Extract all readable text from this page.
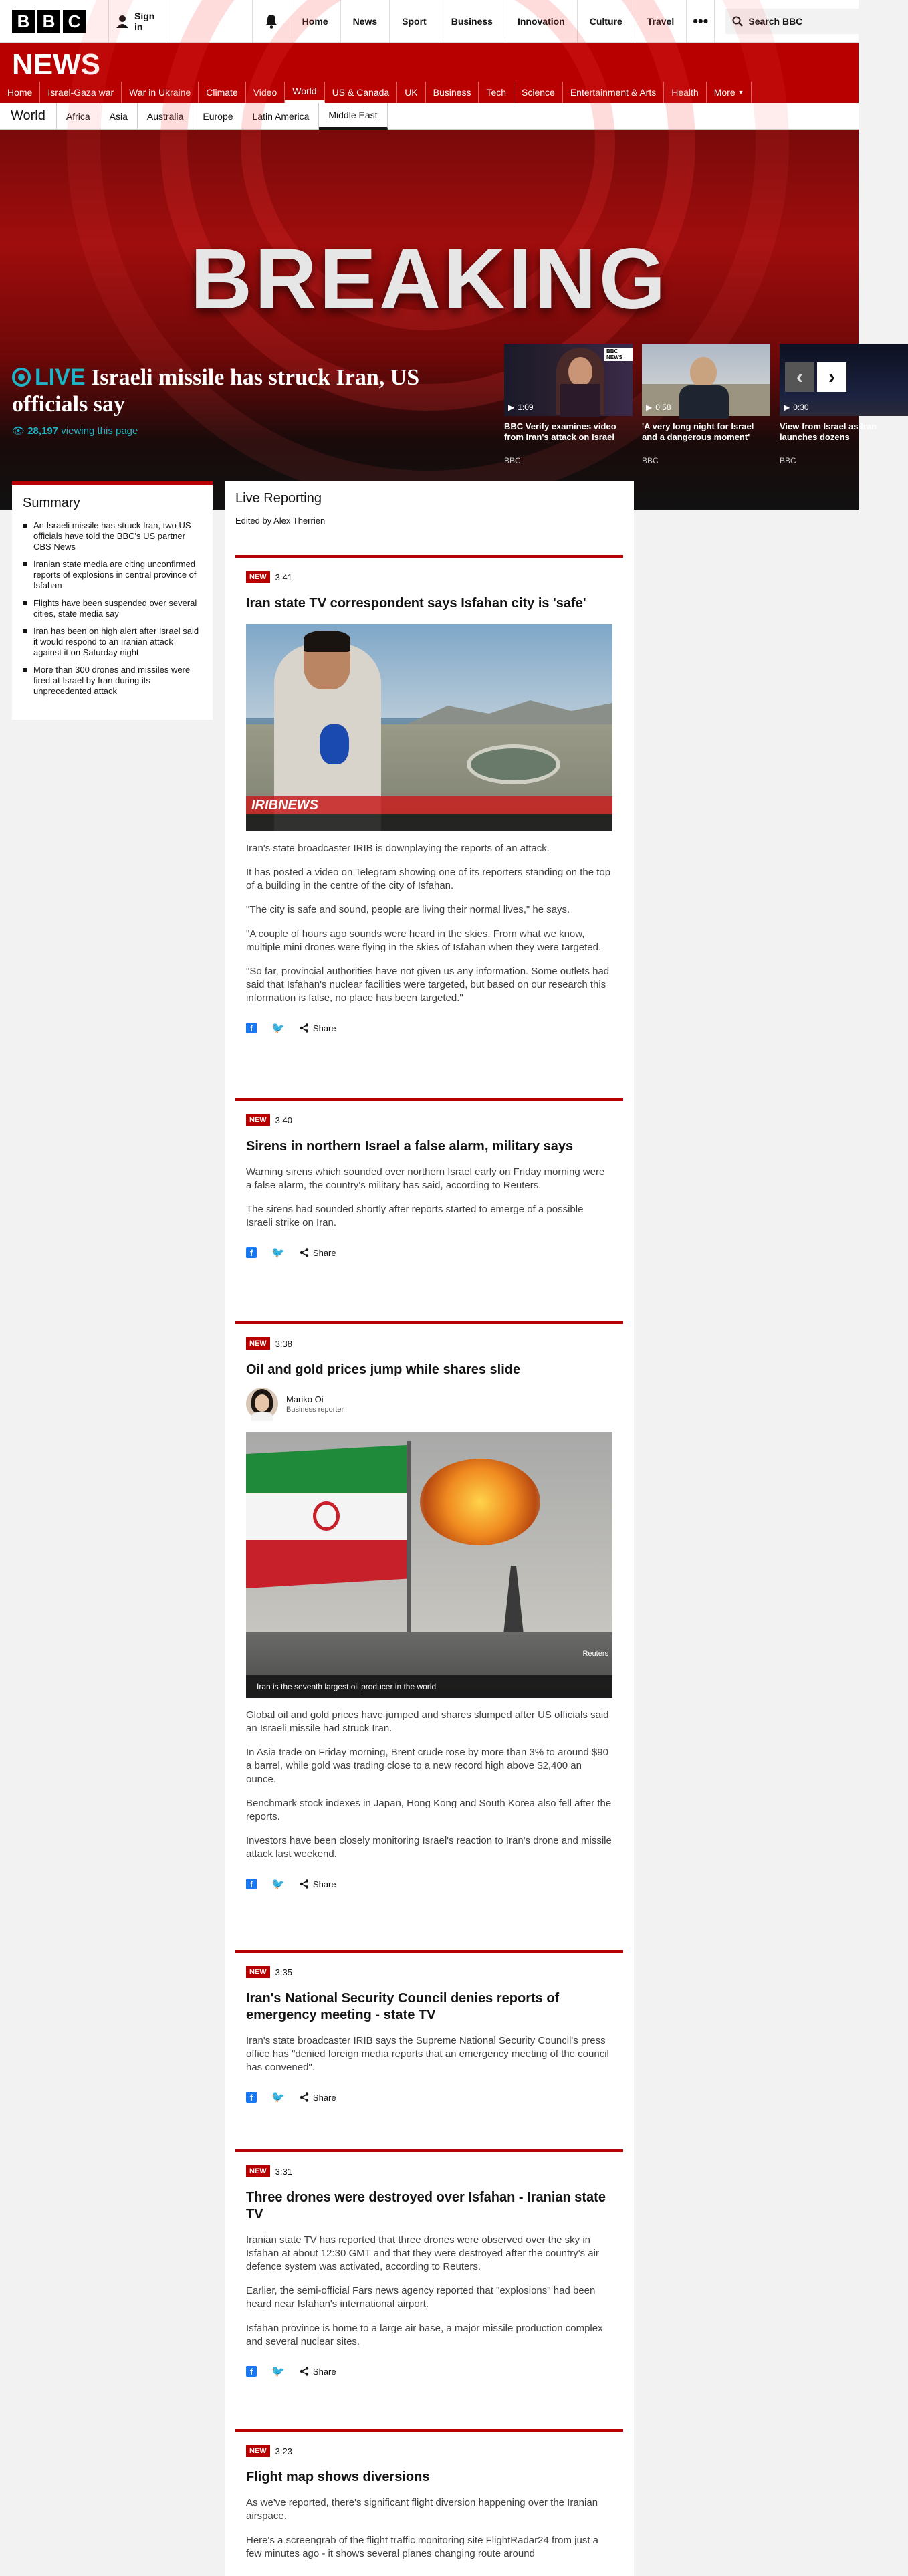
B B C	Sign in	Home	News	Sport	Business	Innovation	Culture	Travel	•••	Search BBC
NEWS
Home	Israel-Gaza war	War in Ukraine	Climate	Video	World	US & Canada	UK	Business	Tech	Science	Entertainment & Arts	Health	More
▼
World	Africa	Asia	Australia	Europe	Latin America	Middle East
BREAKING
LIVE Israeli missile has struck Iran, US officials say
👁 28,197 viewing this page
BBC NEWS
▶ 1:09
BBC Verify examines video from Iran's attack on Israel
BBC
▶ 0:58
'A very long night for Israel and a dangerous moment'
BBC
▶ 0:30
View from Israel as Iran launches dozens
BBC
‹	›
Summary
An Israeli missile has struck Iran, two US officials have told the BBC's US partner CBS News
Iranian state media are citing unconfirmed reports of explosions in central province of Isfahan
Flights have been suspended over several cities, state media say
Iran has been on high alert after Israel said it would respond to an Iranian attack against it on Saturday night
More than 300 drones and missiles were fired at Israel by Iran during its unprecedented attack
Live Reporting
Edited by Alex Therrien
NEW	3:41
Iran state TV correspondent says Isfahan city is 'safe'
IRIBNEWS

Iran's state broadcaster IRIB is downplaying the reports of an attack.

It has posted a video on Telegram showing one of its reporters standing on the top of a building in the centre of the city of Isfahan.

"The city is safe and sound, people are living their normal lives," he says.

"A couple of hours ago sounds were heard in the skies. From what we know, multiple mini drones were flying in the skies of Isfahan when they were targeted.

"So far, provincial authorities have not given us any information. Some outlets had said that Isfahan's nuclear facilities were targeted, but based on our research this information is false, no place has been targeted."

f	🐦	Share
NEW	3:40
Sirens in northern Israel a false alarm, military says

Warning sirens which sounded over northern Israel early on Friday morning were a false alarm, the country's military has said, according to Reuters.

The sirens had sounded shortly after reports started to emerge of a possible Israeli strike on Iran.

f	🐦	Share
NEW	3:38
Oil and gold prices jump while shares slide
Mariko Oi
Business reporter
Reuters
Iran is the seventh largest oil producer in the world

Global oil and gold prices have jumped and shares slumped after US officials said an Israeli missile had struck Iran.

In Asia trade on Friday morning, Brent crude rose by more than 3% to around $90 a barrel, while gold was trading close to a new record high above $2,400 an ounce.

Benchmark stock indexes in Japan, Hong Kong and South Korea also fell after the reports.

Investors have been closely monitoring Israel's reaction to Iran's drone and missile attack last weekend.

f	🐦	Share
NEW	3:35
Iran's National Security Council denies reports of emergency meeting - state TV

Iran's state broadcaster IRIB says the Supreme National Security Council's press office has "denied foreign media reports that an emergency meeting of the council has convened".

f	🐦	Share
NEW	3:31
Three drones were destroyed over Isfahan - Iranian state TV

Iranian state TV has reported that three drones were observed over the sky in Isfahan at about 12:30 GMT and that they were destroyed after the country's air defence system was activated, according to Reuters.

Earlier, the semi-official Fars news agency reported that "explosions" had been heard near Isfahan's international airport.

Isfahan province is home to a large air base, a major missile production complex and several nuclear sites.

f	🐦	Share
NEW	3:23
Flight map shows diversions

As we've reported, there's significant flight diversion happening over the Iranian airspace.

Here's a screengrab of the flight traffic monitoring site FlightRadar24 from just a few minutes ago - it shows several planes changing route around
